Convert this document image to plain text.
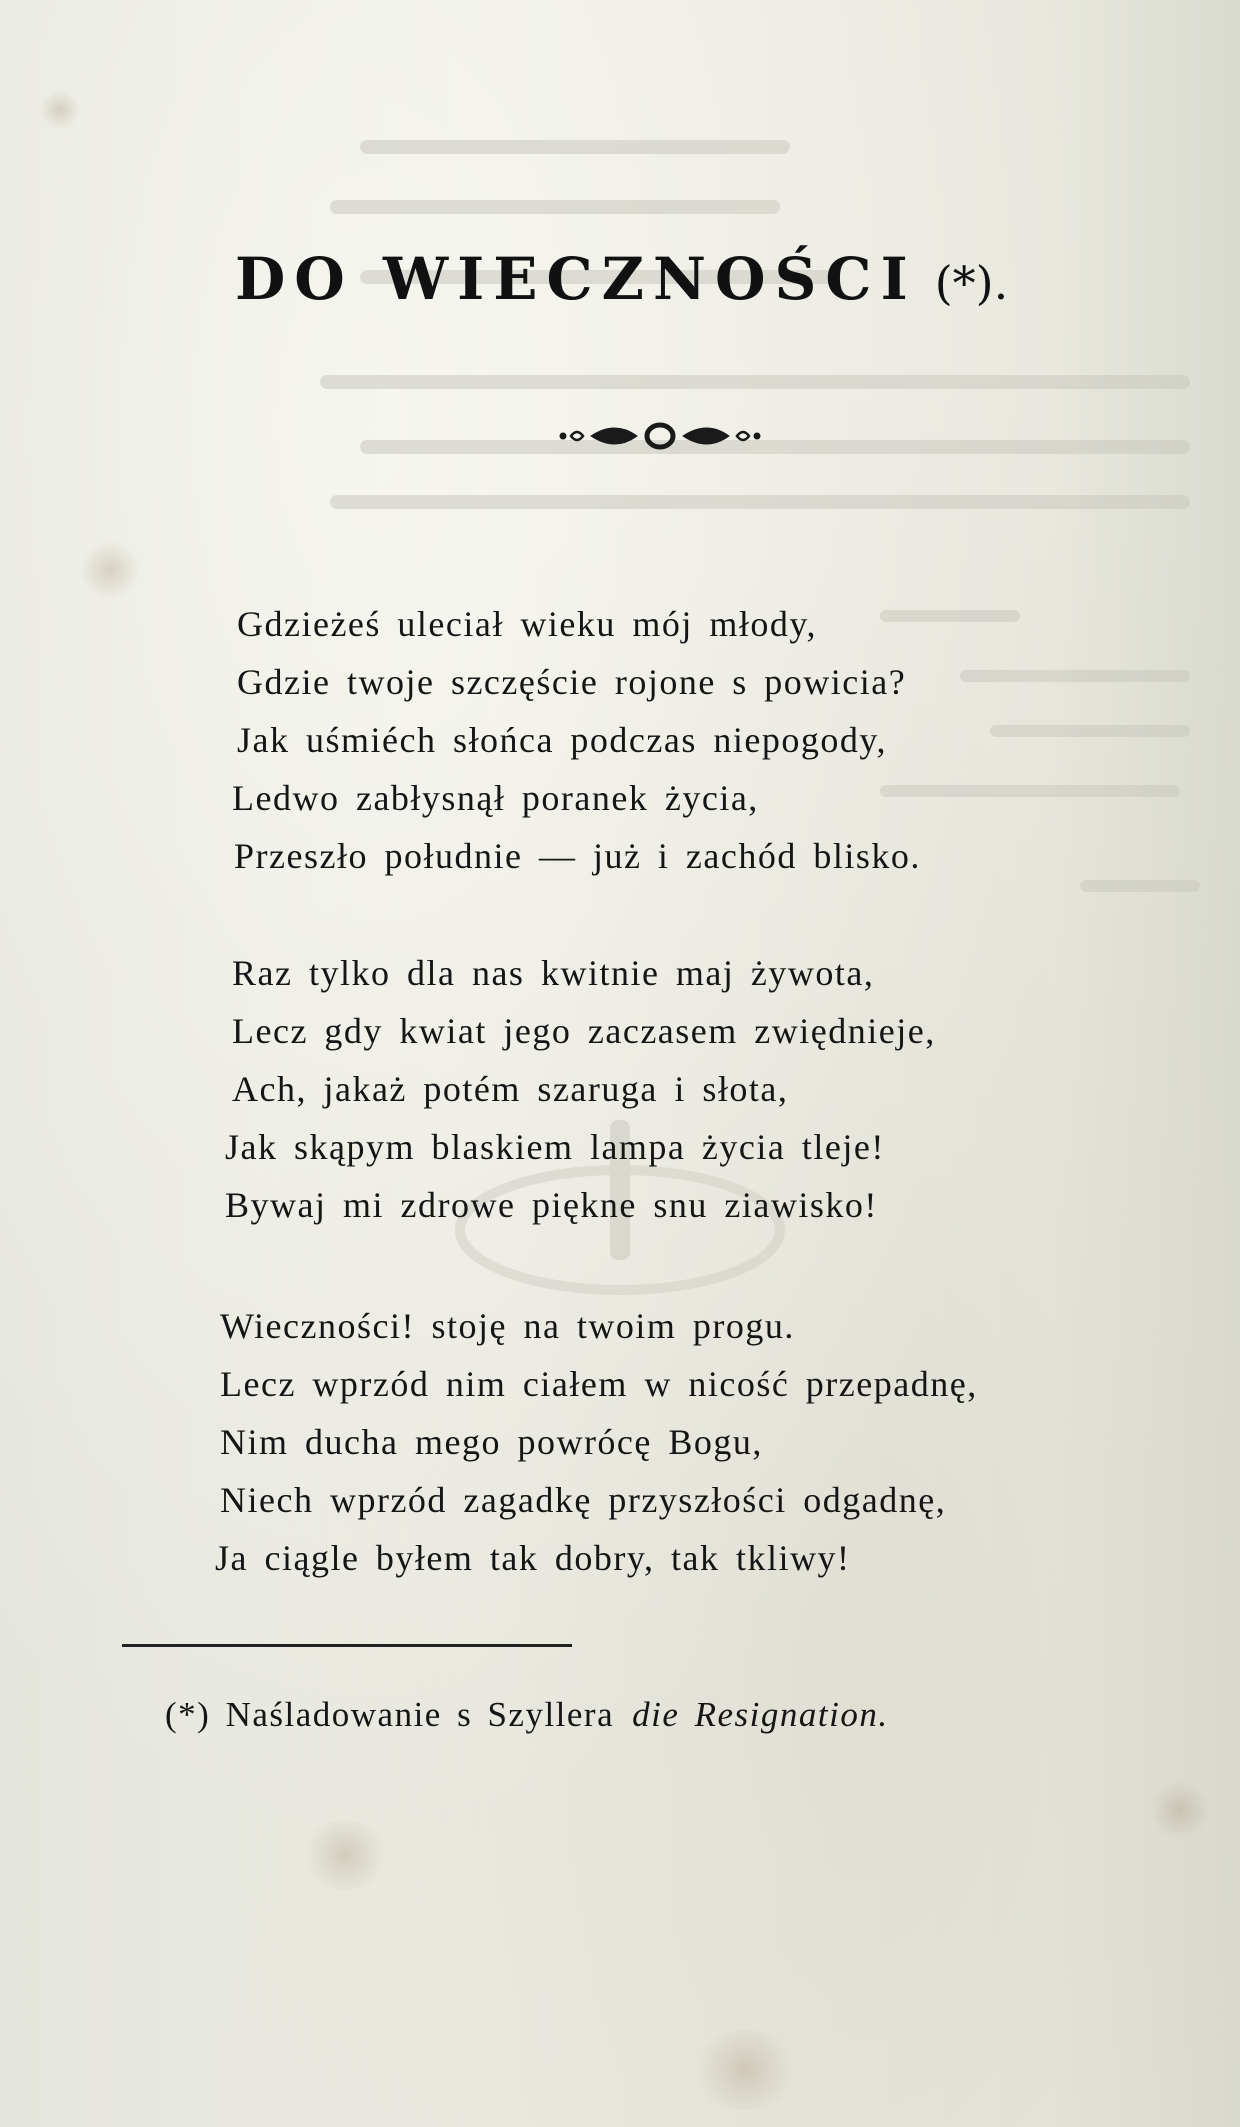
DO WIECZNOŚCI (*).
Gdzieżeś uleciał wieku mój młody,
Gdzie twoje szczęście rojone s powicia?
Jak uśmiéch słońca podczas niepogody,
Ledwo zabłysnął poranek życia,
Przeszło południe — już i zachód blisko.
Raz tylko dla nas kwitnie maj żywota,
Lecz gdy kwiat jego zaczasem zwiędnieje,
Ach, jakaż potém szaruga i słota,
Jak skąpym blaskiem lampa życia tleje!
Bywaj mi zdrowe piękne snu ziawisko!
Wieczności! stoję na twoim progu.
Lecz wprzód nim ciałem w nicość przepadnę,
Nim ducha mego powrócę Bogu,
Niech wprzód zagadkę przyszłości odgadnę,
Ja ciągle byłem tak dobry, tak tkliwy!
(*) Naśladowanie s Szyllera die Resignation.
